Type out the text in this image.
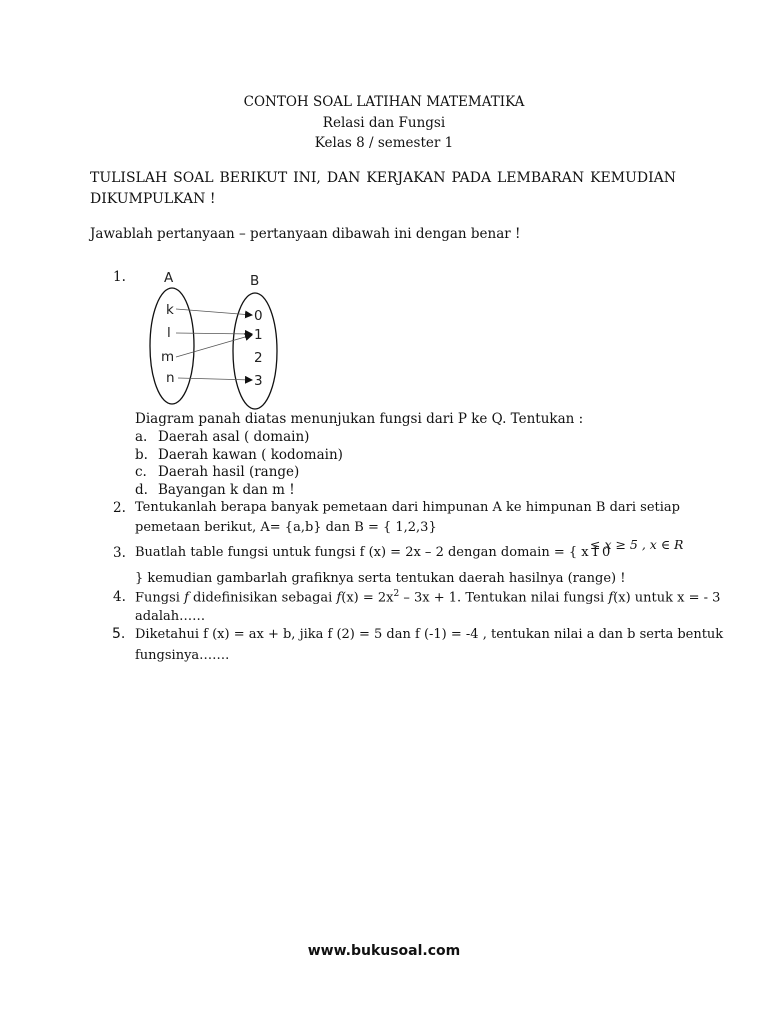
CONTOH SOAL LATIHAN MATEMATIKA
Relasi dan Fungsi
Kelas 8 / semester 1
TULISLAH SOAL BERIKUT INI, DAN KERJAKAN PADA LEMBARAN KEMUDIAN
DIKUMPULKAN !
Jawablah pertanyaan – pertanyaan dibawah ini dengan benar !
1.	A	B
k
l
m
n
0
1
2
3
Diagram panah diatas menunjukan fungsi dari P ke Q. Tentukan :
a. Daerah asal ( domain)
b. Daerah kawan ( kodomain)
c. Daerah hasil (range)
d. Bayangan k dan m !
2. Tentukanlah berapa banyak pemetaan dari himpunan A ke himpunan B dari setiap
pemetaan berikut, A= {a,b} dan B = { 1,2,3}
3. Buatlah table fungsi untuk fungsi f (x) = 2x – 2 dengan domain = { x I 0
≤ x ≥ 5 , x ∈ R
} kemudian gambarlah grafiknya serta tentukan daerah hasilnya (range) !
4. Fungsi f didefinisikan sebagai $f(x) = 2x^2 - 3x + 1$. Tentukan nilai fungsi f(x) untuk x = - 3
adalah……
5. Diketahui f (x) = ax + b, jika f (2) = 5 dan f (-1) = -4 , tentukan nilai a dan b serta bentuk
fungsinya…….
www.bukusoal.com
